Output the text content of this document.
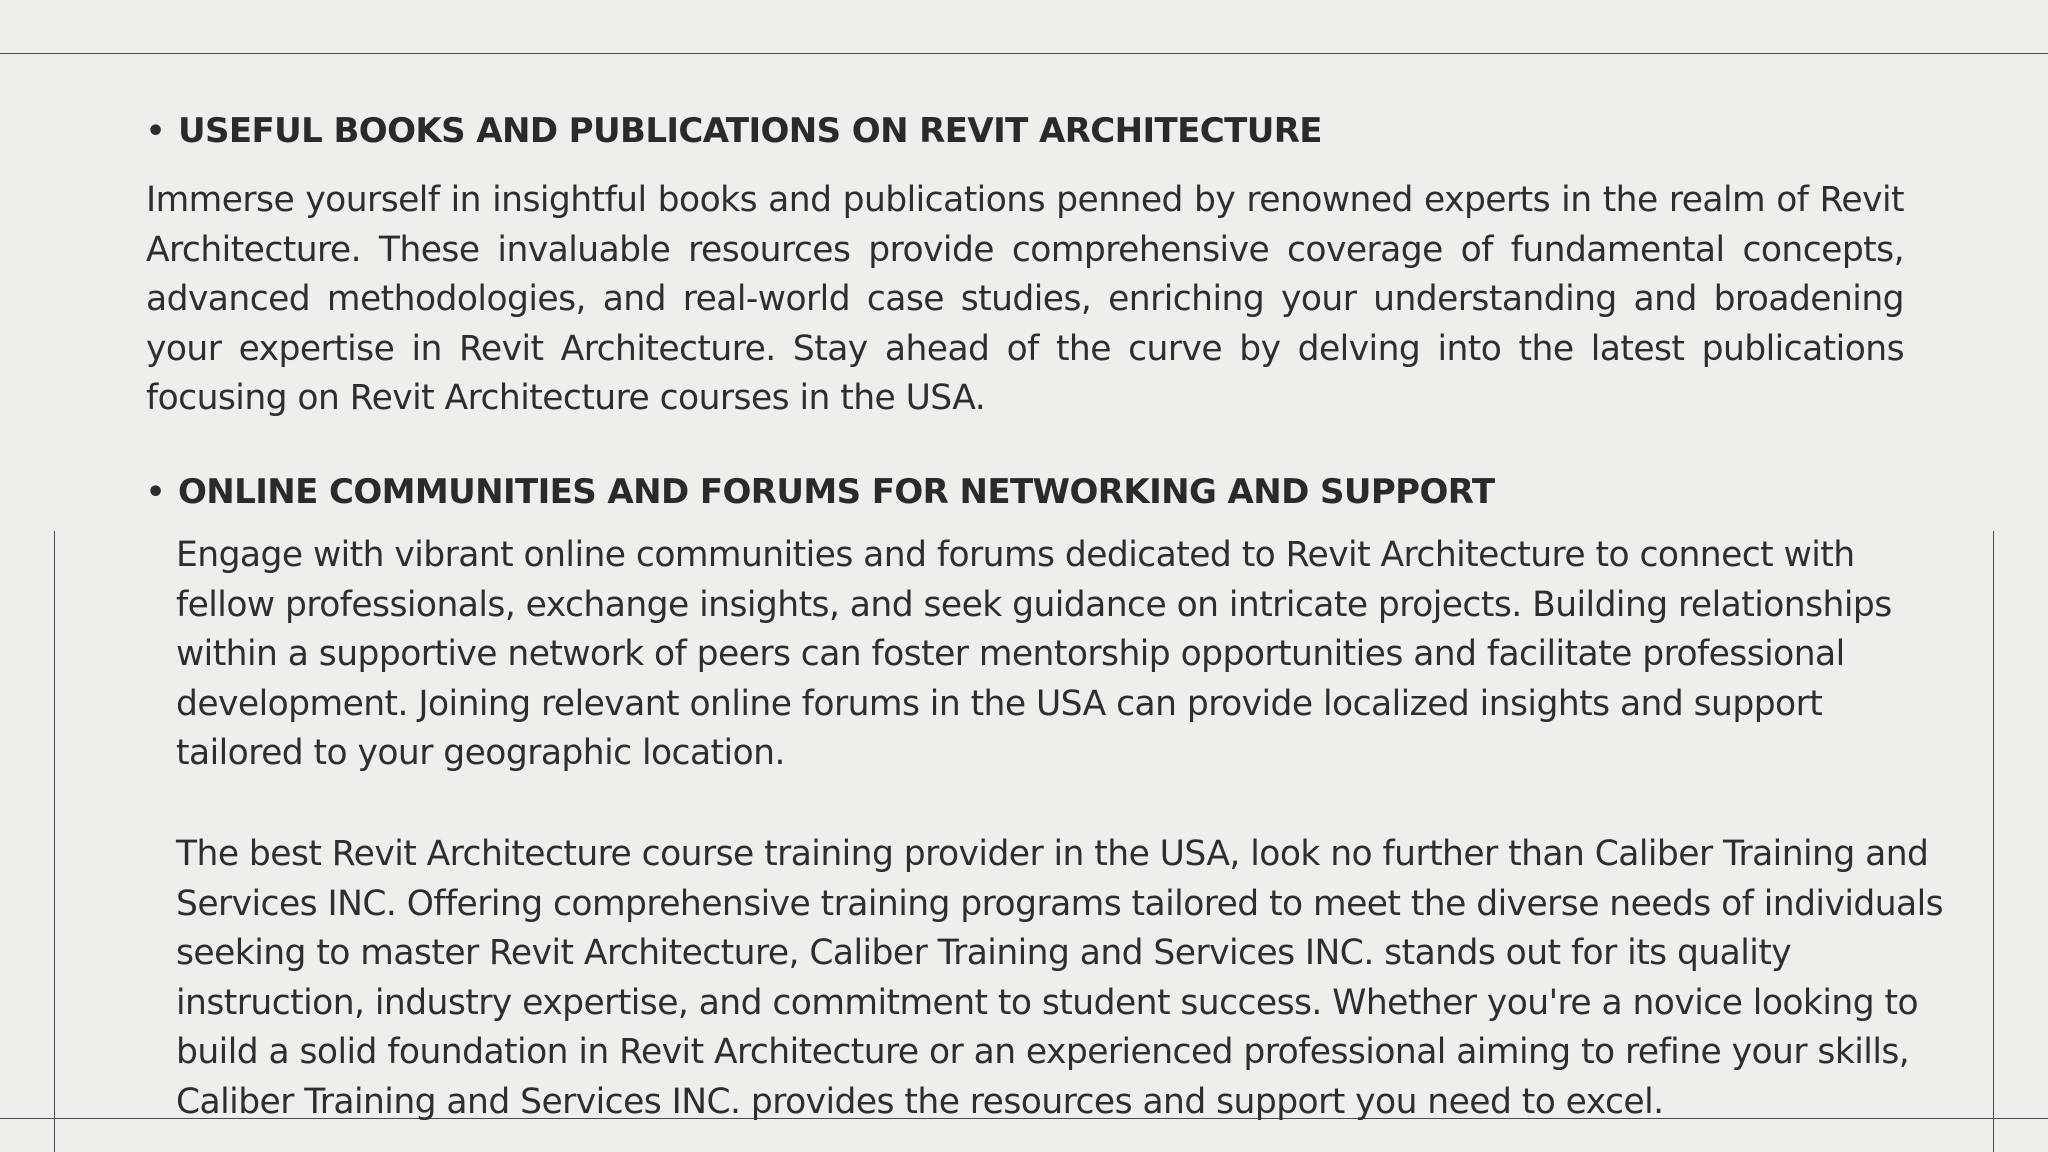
• USEFUL BOOKS AND PUBLICATIONS ON REVIT ARCHITECTURE

Immerse yourself in insightful books and publications penned by renowned experts in the realm of Revit Architecture. These invaluable resources provide comprehensive coverage of fundamental concepts, advanced methodologies, and real-world case studies, enriching your understanding and broadening your expertise in Revit Architecture. Stay ahead of the curve by delving into the latest publications focusing on Revit Architecture courses in the USA.

• ONLINE COMMUNITIES AND FORUMS FOR NETWORKING AND SUPPORT

Engage with vibrant online communities and forums dedicated to Revit Architecture to connect with fellow professionals, exchange insights, and seek guidance on intricate projects. Building relationships within a supportive network of peers can foster mentorship opportunities and facilitate professional development. Joining relevant online forums in the USA can provide localized insights and support tailored to your geographic location.

The best Revit Architecture course training provider in the USA, look no further than Caliber Training and Services INC. Offering comprehensive training programs tailored to meet the diverse needs of individuals seeking to master Revit Architecture, Caliber Training and Services INC. stands out for its quality instruction, industry expertise, and commitment to student success. Whether you're a novice looking to build a solid foundation in Revit Architecture or an experienced professional aiming to refine your skills, Caliber Training and Services INC. provides the resources and support you need to excel.
